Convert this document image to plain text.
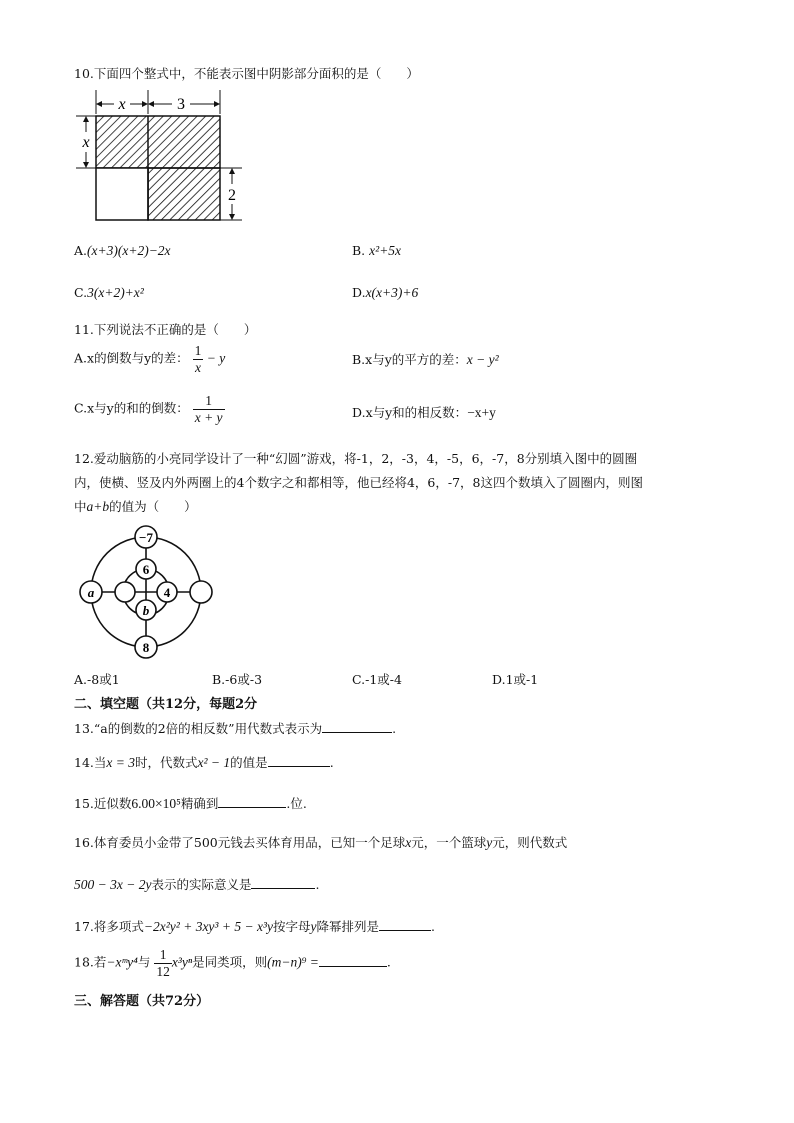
10.下面四个整式中，不能表示图中阴影部分面积的是（　　）
x	3
x
2
A.(x+3)(x+2)−2x	B. x²+5x
C.3(x+2)+x²	D.x(x+3)+6
11.下列说法不正确的是（　　）
A.x的倒数与y的差： $\frac{1}{x} - y$	B.x与y的平方的差：x − y²
C.x与y的和的倒数： $\frac{1}{x + y}$	D.x与y和的相反数：−x+y
12.爱动脑筋的小亮同学设计了一种“幻圆”游戏，将-1，2，-3，4，-5，6，-7，8分别填入图中的圆圈
内，使横、竖及内外两圈上的4个数字之和都相等，他已经将4，6，-7，8这四个数填入了圆圈内，则图
中a+b的值为（　　）
−7
8
a
6
b
4
A.-8或1	B.-6或-3	C.-1或-4	D.1或-1
二、填空题（共12分，每题2分
13.“a的倒数的2倍的相反数”用代数式表示为	.
14.当x = 3时，代数式x² − 1的值是	.
15.近似数6.00×10⁵精确到	.位.
16.体育委员小金带了500元钱去买体育用品，已知一个足球x元，一个篮球y元，则代数式
500 − 3x − 2y表示的实际意义是	.
17.将多项式−2x²y² + 3xy³ + 5 − x³y按字母y降幂排列是	.
18.若−xᵐy⁴与 $\frac{1}{12} x^3y^n$是同类项，则(m−n)⁹ =	.
三、解答题（共72分）
